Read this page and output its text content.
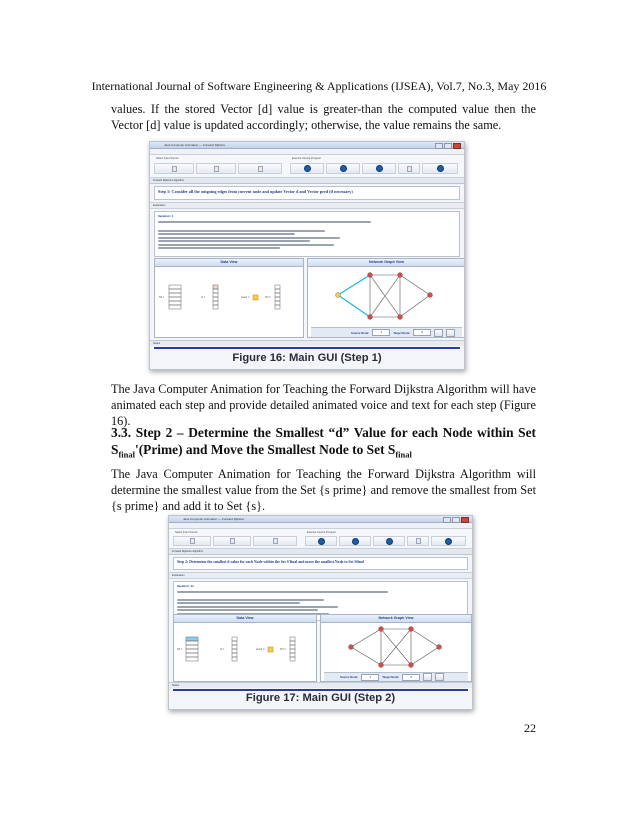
International Journal of Software Engineering & Applications (IJSEA), Vol.7, No.3, May 2016

values. If the stored Vector [d] value is greater-than the computed value then the Vector [d] value is updated accordingly; otherwise, the value remains the same.

Java Computer Animation — Forward Dijkstra
Select Input Source	Execute Source Program
Forward Dijkstra's Algorithm
Step 1: Consider all the outgoing edges from current node and update Vector d and Vector pred (if necessary)
Explanation
Iteration: 1
Data View
Sf =	d =	pred =	S'f =
Network Graph View
Source Node:	1	Target Node:	6
Status
Figure 16: Main GUI (Step 1)

The Java Computer Animation for Teaching the Forward Dijkstra Algorithm will have animated each step and provide detailed animated voice and text for each step (Figure 16).

3.3. Step 2 – Determine the Smallest “d” Value for each Node within Set
$S_{final}'(Prime)$ and Move the Smallest Node to Set $S_{final}$

The Java Computer Animation for Teaching the Forward Dijkstra Algorithm will determine the smallest value from the Set {s prime} and remove the smallest from Set {s prime} and add it to Set {s}.

Java Computer Animation — Forward Dijkstra
Select Input Source	Execute Source Program
Forward Dijkstra's Algorithm
Step 2: Determine the smallest d value for each Node within the Set S′final and move the smallest Node to Set Sfinal
Explanation
Iteration: 11
Data View
Sf =	d =	pred =	S'f =
Network Graph View
Source Node:	1	Target Node:	6
Status
Figure 17: Main GUI (Step 2)
22
